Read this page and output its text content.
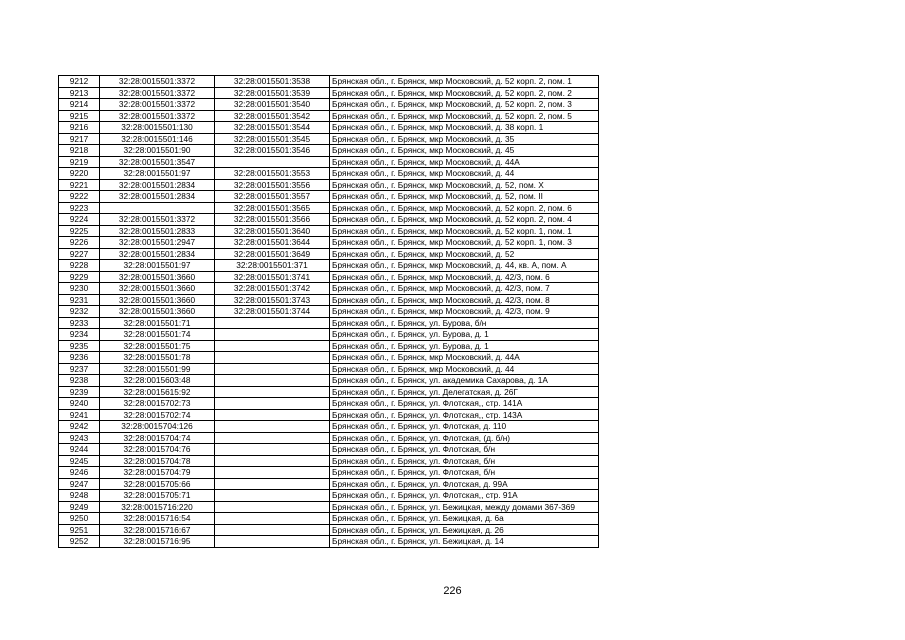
9212	32:28:0015501:3372	32:28:0015501:3538	Брянская обл., г. Брянск, мкр Московский, д. 52 корп. 2, пом. 1
9213	32:28:0015501:3372	32:28:0015501:3539	Брянская обл., г. Брянск, мкр Московский, д. 52 корп. 2, пом. 2
9214	32:28:0015501:3372	32:28:0015501:3540	Брянская обл., г. Брянск, мкр Московский, д. 52 корп. 2, пом. 3
9215	32:28:0015501:3372	32:28:0015501:3542	Брянская обл., г. Брянск, мкр Московский, д. 52 корп. 2, пом. 5
9216	32:28:0015501:130	32:28:0015501:3544	Брянская обл., г. Брянск, мкр Московский, д. 38 корп. 1
9217	32:28:0015501:146	32:28:0015501:3545	Брянская обл., г. Брянск, мкр Московский, д. 35
9218	32:28:0015501:90	32:28:0015501:3546	Брянская обл., г. Брянск, мкр Московский, д. 45
9219	32:28:0015501:3547		Брянская обл., г. Брянск, мкр Московский, д. 44А
9220	32:28:0015501:97	32:28:0015501:3553	Брянская обл., г. Брянск, мкр Московский, д. 44
9221	32:28:0015501:2834	32:28:0015501:3556	Брянская обл., г. Брянск, мкр Московский, д. 52, пом. X
9222	32:28:0015501:2834	32:28:0015501:3557	Брянская обл., г. Брянск, мкр Московский, д. 52, пом. II
9223		32:28:0015501:3565	Брянская обл., г. Брянск, мкр Московский, д. 52 корп. 2, пом. 6
9224	32:28:0015501:3372	32:28:0015501:3566	Брянская обл., г. Брянск, мкр Московский, д. 52 корп. 2, пом. 4
9225	32:28:0015501:2833	32:28:0015501:3640	Брянская обл., г. Брянск, мкр Московский, д. 52 корп. 1, пом. 1
9226	32:28:0015501:2947	32:28:0015501:3644	Брянская обл., г. Брянск, мкр Московский, д. 52 корп. 1, пом. 3
9227	32:28:0015501:2834	32:28:0015501:3649	Брянская обл., г. Брянск, мкр Московский, д. 52
9228	32:28:0015501:97	32:28:0015501:371	Брянская обл., г. Брянск, мкр Московский, д. 44, кв. А, пом. А
9229	32:28:0015501:3660	32:28:0015501:3741	Брянская обл., г. Брянск, мкр Московский, д. 42/3, пом. 6
9230	32:28:0015501:3660	32:28:0015501:3742	Брянская обл., г. Брянск, мкр Московский, д. 42/3, пом. 7
9231	32:28:0015501:3660	32:28:0015501:3743	Брянская обл., г. Брянск, мкр Московский, д. 42/3, пом. 8
9232	32:28:0015501:3660	32:28:0015501:3744	Брянская обл., г. Брянск, мкр Московский, д. 42/3, пом. 9
9233	32:28:0015501:71		Брянская обл., г. Брянск, ул. Бурова, б/н
9234	32:28:0015501:74		Брянская обл., г. Брянск, ул. Бурова, д. 1
9235	32:28:0015501:75		Брянская обл., г. Брянск, ул. Бурова, д. 1
9236	32:28:0015501:78		Брянская обл., г. Брянск, мкр Московский, д. 44А
9237	32:28:0015501:99		Брянская обл., г. Брянск, мкр Московский, д. 44
9238	32:28:0015603:48		Брянская обл., г. Брянск, ул. академика Сахарова, д. 1А
9239	32:28:0015615:92		Брянская обл., г. Брянск, ул. Делегатская, д. 26Г
9240	32:28:0015702:73		Брянская обл., г. Брянск, ул. Флотская,, стр. 141А
9241	32:28:0015702:74		Брянская обл., г. Брянск, ул. Флотская,, стр. 143А
9242	32:28:0015704:126		Брянская обл., г. Брянск, ул. Флотская, д. 110
9243	32:28:0015704:74		Брянская обл., г. Брянск, ул. Флотская, (д. б/н)
9244	32:28:0015704:76		Брянская обл., г. Брянск, ул. Флотская, б/н
9245	32:28:0015704:78		Брянская обл., г. Брянск, ул. Флотская, б/н
9246	32:28:0015704:79		Брянская обл., г. Брянск, ул. Флотская, б/н
9247	32:28:0015705:66		Брянская обл., г. Брянск, ул. Флотская, д. 99А
9248	32:28:0015705:71		Брянская обл., г. Брянск, ул. Флотская,, стр. 91А
9249	32:28:0015716:220		Брянская обл., г. Брянск, ул. Бежицкая, между домами 367-369
9250	32:28:0015716:54		Брянская обл., г. Брянск, ул. Бежицкая, д. 6а
9251	32:28:0015716:67		Брянская обл., г. Брянск, ул. Бежицкая, д. 26
9252	32:28:0015716:95		Брянская обл., г. Брянск, ул. Бежицкая, д. 14
226
